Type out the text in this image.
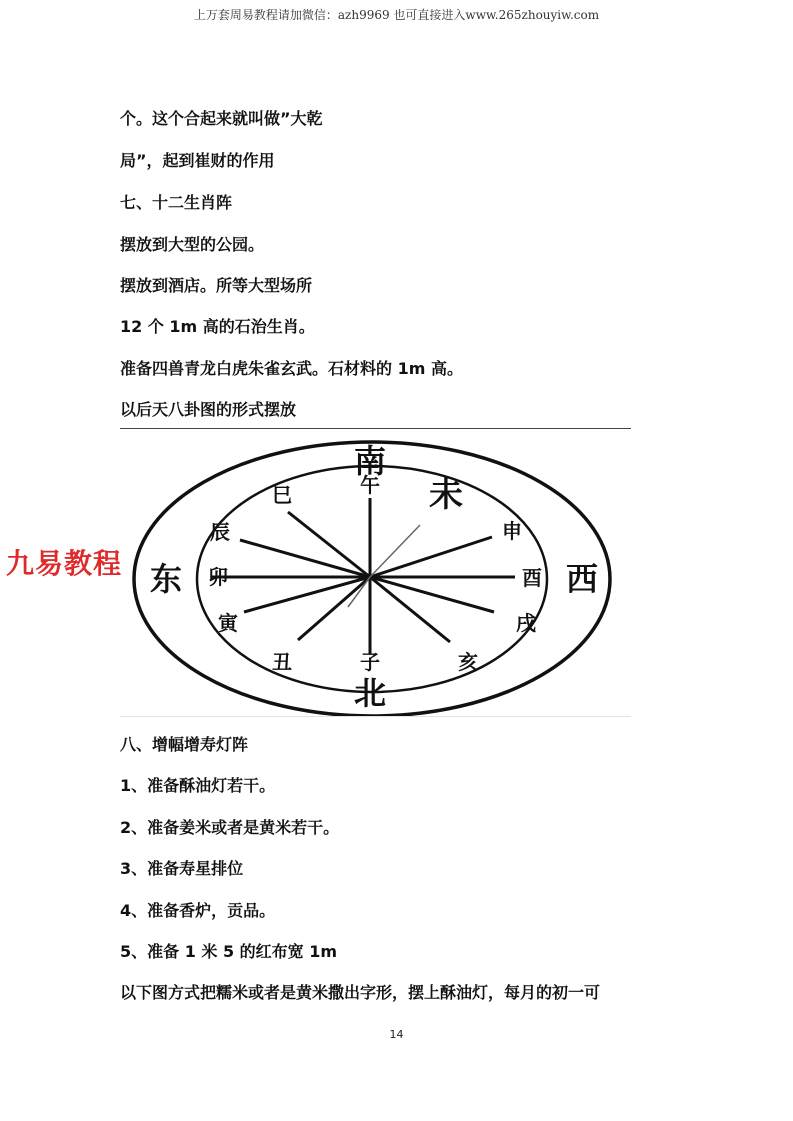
上万套周易教程请加微信：azh9969 也可直接进入www.265zhouyiw.com
个。这个合起来就叫做”大乾
局”，起到崔财的作用
七、十二生肖阵
摆放到大型的公园。
摆放到酒店。所等大型场所
12 个 1m 高的石治生肖。
准备四兽青龙白虎朱雀玄武。石材料的 1m 高。
以后天八卦图的形式摆放
南
北
东	西
午 未
申
酉
戌
亥
子
丑
寅
卯
辰
巳
九易教程
八、增幅增寿灯阵
1、准备酥油灯若干。
2、准备姜米或者是黄米若干。
3、准备寿星排位
4、准备香炉，贡品。
5、准备 1 米 5 的红布宽 1m
以下图方式把糯米或者是黄米撒出字形，摆上酥油灯，每月的初一可
14
